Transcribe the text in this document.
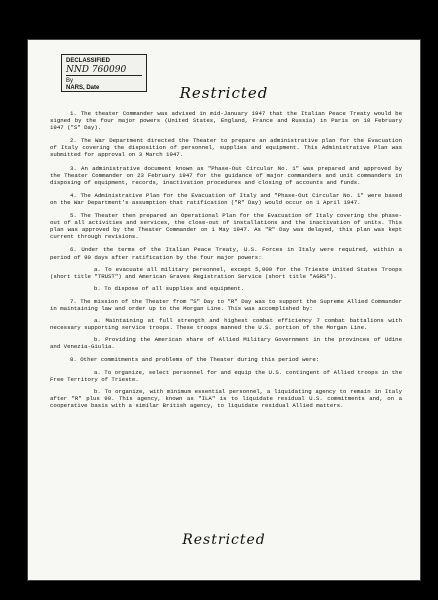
DECLASSIFIED
NND 760090
By
NARS, Date	Restricted

1. The theater Commander was advised in mid-January 1947 that the Italian Peace Treaty would be signed by the four major powers (United States, England, France and Russia) in Paris on 10 February 1947 ("S" Day).

2. The War Department directed the Theater to prepare an administrative plan for the Evacuation of Italy covering the disposition of personnel, supplies and equipment. This Administrative Plan was submitted for approval on 3 March 1947.

3. An administrative document known as "Phase-Out Circular No. 1" was prepared and approved by the Theater Commander on 23 February 1947 for the guidance of major commanders and unit commanders in disposing of equipment, records, inactivation procedures and closing of accounts and funds.

4. The Administrative Plan for the Evacuation of Italy and "Phase-Out Circular No. 1" were based on the War Department's assumption that ratification ("R" Day) would occur on 1 April 1947.

5. The Theater then prepared an Operational Plan for the Evacuation of Italy covering the phase-out of all activities and services, the close-out of installations and the inactivation of units. This plan was approved by the Theater Commander on 1 May 1947. As "R" Day was delayed, this plan was kept current through revisions.

6. Under the terms of the Italian Peace Treaty, U.S. Forces in Italy were required, within a period of 90 days after ratification by the four major powers:

a. To evacuate all military personnel, except 5,000 for the Trieste United States Troops (short title "TRUST") and American Graves Registration Service (short title "AGRS").

b. To dispose of all supplies and equipment.

7. The mission of the Theater from "S" Day to "R" Day was to support the Supreme Allied Commander in maintaining law and order up to the Morgan Line. This was accomplished by:

a. Maintaining at full strength and highest combat efficiency 7 combat battalions with necessary supporting service troops. These troops manned the U.S. portion of the Morgan Line.

b. Providing the American share of Allied Military Government in the provinces of Udine and Venezia-Giulia.

8. Other commitments and problems of the Theater during this period were:

a. To organize, select personnel for and equip the U.S. contingent of Allied troops in the Free Territory of Trieste.

b. To organize, with minimum essential personnel, a liquidating agency to remain in Italy after "R" plus 90. This agency, known as "ILA" is to liquidate residual U.S. commitments and, on a cooperative basis with a similar British agency, to liquidate residual Allied matters.

Restricted
